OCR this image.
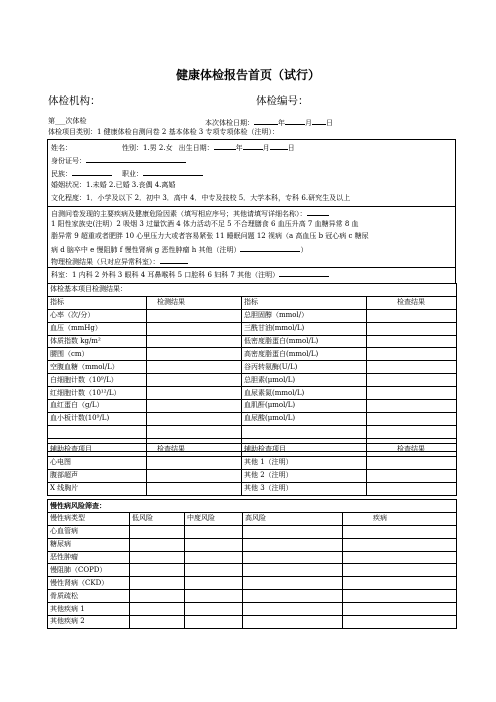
健康体检报告首页（试行）
体检机构：	体检编号：
第___次体检	本次体检日期：	年	月 日
体检项目类别：1 健康体检自测问卷 2 基本体检 3 专项专项体检（注明）：
姓名：	性别：1.男 2.女 出生日期：	年	月	日
身份证号：
民族：	职业：
婚姻状况：1.未婚 2.已婚 3.丧偶 4.离婚
文化程度：1．小学及以下 2．初中 3．高中 4．中专及技校 5．大学本科，专科 6.研究生及以上
自测问卷发现的主要疾病及健康危险因素（填写相应序号；其他请填写详细名称）：
1 阳性家族史(注明）2 吸烟 3 过量饮酒 4 体力活动不足 5 不合理膳食 6 血压升高 7 血糖异常 8 血
脂异常 9 超重或者肥胖 10 心里压力大或者容易紧张 11 睡眠问题 12 视病（a 高血压 b 冠心病 c 糖尿
病 d 脑卒中 e 慢阻肺 f 慢性肾病 g 恶性肿瘤 h 其他（注明）	）
物理检测结果（只对应异常科室）：
科室：1 内科 2 外科 3 眼科 4 耳鼻喉科 5 口腔科 6 妇科 7 其他（注明）
体检基本项目检测结果：			
指标	检测结果	指标	检查结果
心率（次/分）		总胆固醇（mmol/）	
血压（mmHg）		三酰甘油(mmol/L)	
体质指数 kg/m²		低密度脂蛋白(mmol/L)	
腰围（cm）		高密度脂蛋白(mmol/L)	
空腹血糖（mmol/L）		谷丙转氨酶(U/L)	
白细胞计数（10⁹/L）		总胆素(μmol/L)	
红细胞计数（10¹²/L）		血尿素氮(mmol/L)	
血红蛋白（g/L）		血肌酐(μmol/L)	
血小板计数(10⁹/L)		血尿酸(μmol/L)	

辅助检查项目	检查结果	辅助检查项目	检查结果
心电图		其他 1（注明）	
腹部超声		其他 2（注明）	
X 线胸片		其他 3（注明）	
慢性病风险筛查：				
慢性病类型	低风险	中度风险	高风险	疾病
心血管病				
糖尿病				
恶性肿瘤				
慢阻肺（COPD）				
慢性肾病（CKD）				
骨质疏松				
其他疾病 1				
其他疾病 2				
